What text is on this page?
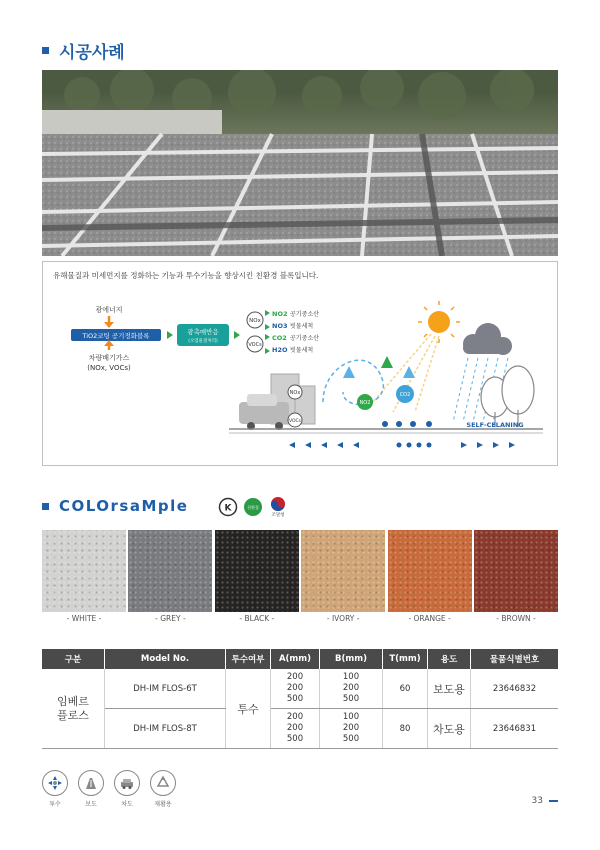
시공사례
유해물질과 미세먼지를 정화하는 기능과 투수기능을 향상시킨 친환경 블록입니다.
광에너지
TiO2코팅 공기정화블록
차량배기가스
(NOx, VOCs)
광촉매반응
(오염물질처리)
NOx
VOCs
NO2 공기중소산
NO3 빗물세척
CO2 공기중소산
H2O 빗물세척
NOx
VOCs
NO2
CO2
SELF-CELANING
COLOrsaMple	K	친환경
조달청
- WHITE -	- GREY -	- BLACK -	- IVORY -	- ORANGE -	- BROWN -
구분	Model No.	투수여부	A(mm)	B(mm)	T(mm)	용도	물품식별번호
임베르
플로스	DH-IM FLOS-6T	투수	200
200
500	100
200
500	60	보도용	23646832
	DH-IM FLOS-8T		200
200
500	100
200
500	80	차도용	23646831
투수	보도	차도	재활용	33
